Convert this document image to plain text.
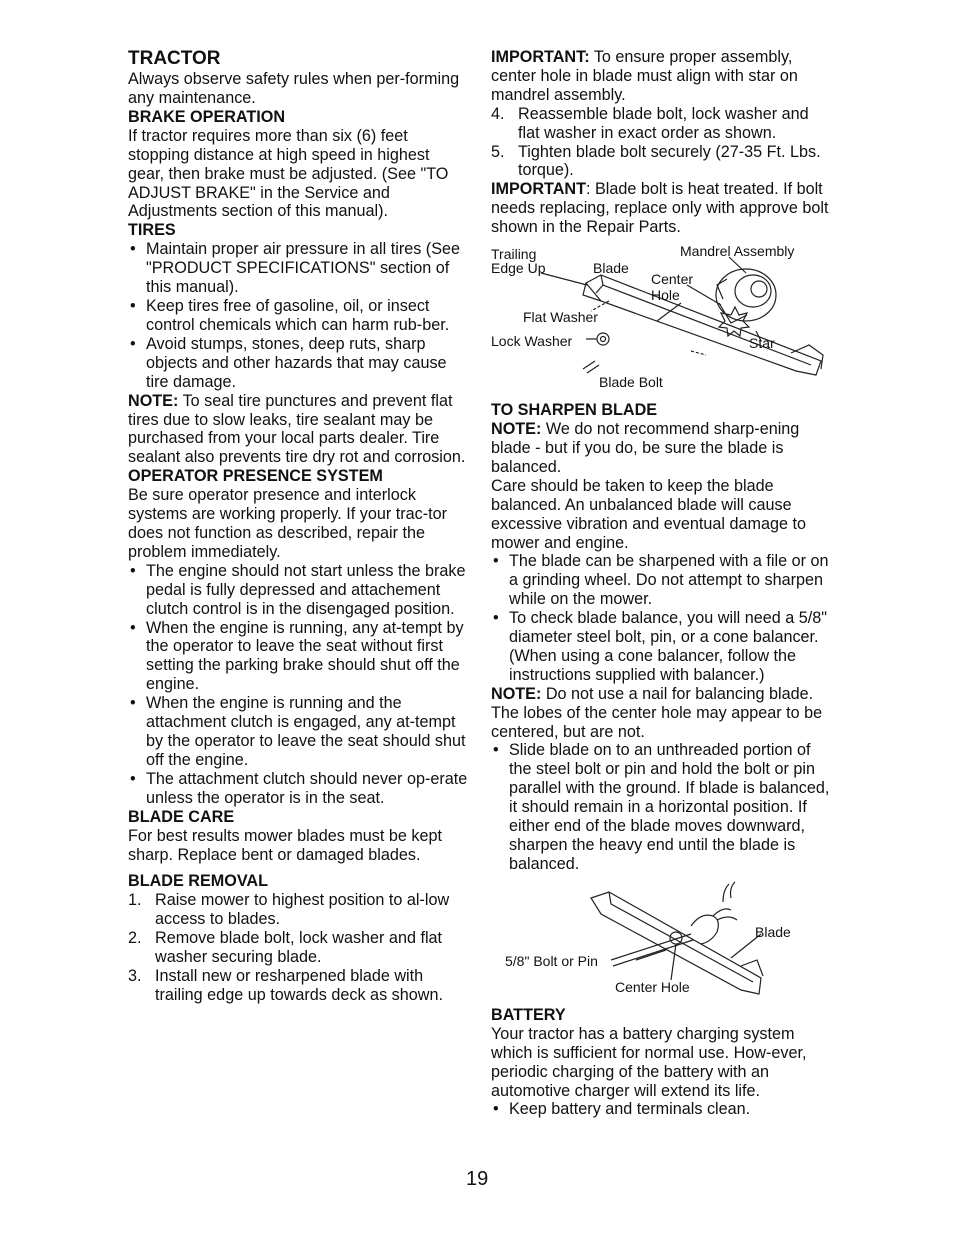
TRACTOR

Always observe safety rules when per-forming any maintenance.

BRAKE OPERATION

If tractor requires more than six (6) feet stopping distance at high speed in highest gear, then brake must be adjusted. (See "TO ADJUST BRAKE" in the Service and Adjustments section of this manual).

TIRES
• Maintain proper air pressure in all tires (See "PRODUCT SPECIFICATIONS" section of this manual).
• Keep tires free of gasoline, oil, or insect control chemicals which can harm rub-ber.
• Avoid stumps, stones, deep ruts, sharp objects and other hazards that may cause tire damage.

NOTE: To seal tire punctures and prevent flat tires due to slow leaks, tire sealant may be purchased from your local parts dealer. Tire sealant also prevents tire dry rot and corrosion.

OPERATOR PRESENCE SYSTEM

Be sure operator presence and interlock systems are working properly. If your trac-tor does not function as described, repair the problem immediately.

• The engine should not start unless the brake pedal is fully depressed and attachement clutch control is in the disengaged position.
• When the engine is running, any at-tempt by the operator to leave the seat without first setting the parking brake should shut off the engine.
• When the engine is running and the attachment clutch is engaged, any at-tempt by the operator to leave the seat should shut off the engine.
• The attachment clutch should never op-erate unless the operator is in the seat.
BLADE CARE

For best results mower blades must be kept sharp. Replace bent or damaged blades.

BLADE REMOVAL
1. Raise mower to highest position to al-low access to blades.
2. Remove blade bolt, lock washer and flat washer securing blade.
3. Install new or resharpened blade with trailing edge up towards deck as shown.

IMPORTANT: To ensure proper assembly, center hole in blade must align with star on mandrel assembly.

4. Reassemble blade bolt, lock washer and flat washer in exact order as shown.
5. Tighten blade bolt securely (27-35 Ft. Lbs. torque).

IMPORTANT: Blade bolt is heat treated. If bolt needs replacing, replace only with approve bolt shown in the Repair Parts.

Trailing
Edge Up	Blade
Mandrel Assembly
Center
Hole
Flat Washer
Lock Washer	Star
Blade Bolt
TO SHARPEN BLADE

NOTE: We do not recommend sharp-ening blade - but if you do, be sure the blade is balanced.

Care should be taken to keep the blade balanced. An unbalanced blade will cause excessive vibration and eventual damage to mower and engine.

• The blade can be sharpened with a file or on a grinding wheel. Do not attempt to sharpen while on the mower.
• To check blade balance, you will need a 5/8" diameter steel bolt, pin, or a cone balancer. (When using a cone balancer, follow the instructions supplied with balancer.)

NOTE: Do not use a nail for balancing blade. The lobes of the center hole may appear to be centered, but are not.

• Slide blade on to an unthreaded portion of the steel bolt or pin and hold the bolt or pin parallel with the ground. If blade is balanced, it should remain in a horizontal position. If either end of the blade moves downward, sharpen the heavy end until the blade is balanced.
5/8" Bolt or Pin
Blade
Center Hole
BATTERY

Your tractor has a battery charging system which is sufficient for normal use. How-ever, periodic charging of the battery with an automotive charger will extend its life.

• Keep battery and terminals clean.
19
